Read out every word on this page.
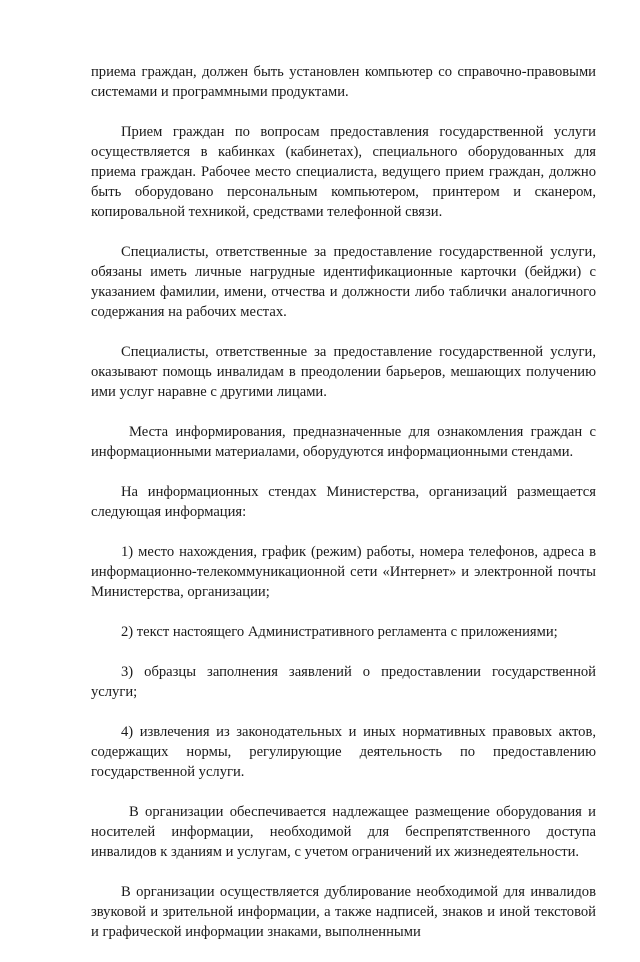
приема граждан, должен быть установлен компьютер со справочно-правовыми системами и программными продуктами.

Прием граждан по вопросам предоставления государственной услуги осуществляется в кабинках (кабинетах), специального оборудованных для приема граждан. Рабочее место специалиста, ведущего прием граждан, должно быть оборудовано персональным компьютером, принтером и сканером, копировальной техникой, средствами телефонной связи.

Специалисты, ответственные за предоставление государственной услуги, обязаны иметь личные нагрудные идентификационные карточки (бейджи) с указанием фамилии, имени, отчества и должности либо таблички аналогичного содержания на рабочих местах.

Специалисты, ответственные за предоставление государственной услуги, оказывают помощь инвалидам в преодолении барьеров, мешающих получению ими услуг наравне с другими лицами.

Места информирования, предназначенные для ознакомления граждан с информационными материалами, оборудуются информационными стендами.

На информационных стендах Министерства, организаций размещается следующая информация:

1) место нахождения, график (режим) работы, номера телефонов, адреса в информационно-телекоммуникационной сети «Интернет» и электронной почты Министерства, организации;

2) текст настоящего Административного регламента с приложениями;

3) образцы заполнения заявлений о предоставлении государственной услуги;

4) извлечения из законодательных и иных нормативных правовых актов, содержащих нормы, регулирующие деятельность по предоставлению государственной услуги.

В организации обеспечивается надлежащее размещение оборудования и носителей информации, необходимой для беспрепятственного доступа инвалидов к зданиям и услугам, с учетом ограничений их жизнедеятельности.

В организации осуществляется дублирование необходимой для инвалидов звуковой и зрительной информации, а также надписей, знаков и иной текстовой и графической информации знаками, выполненными
